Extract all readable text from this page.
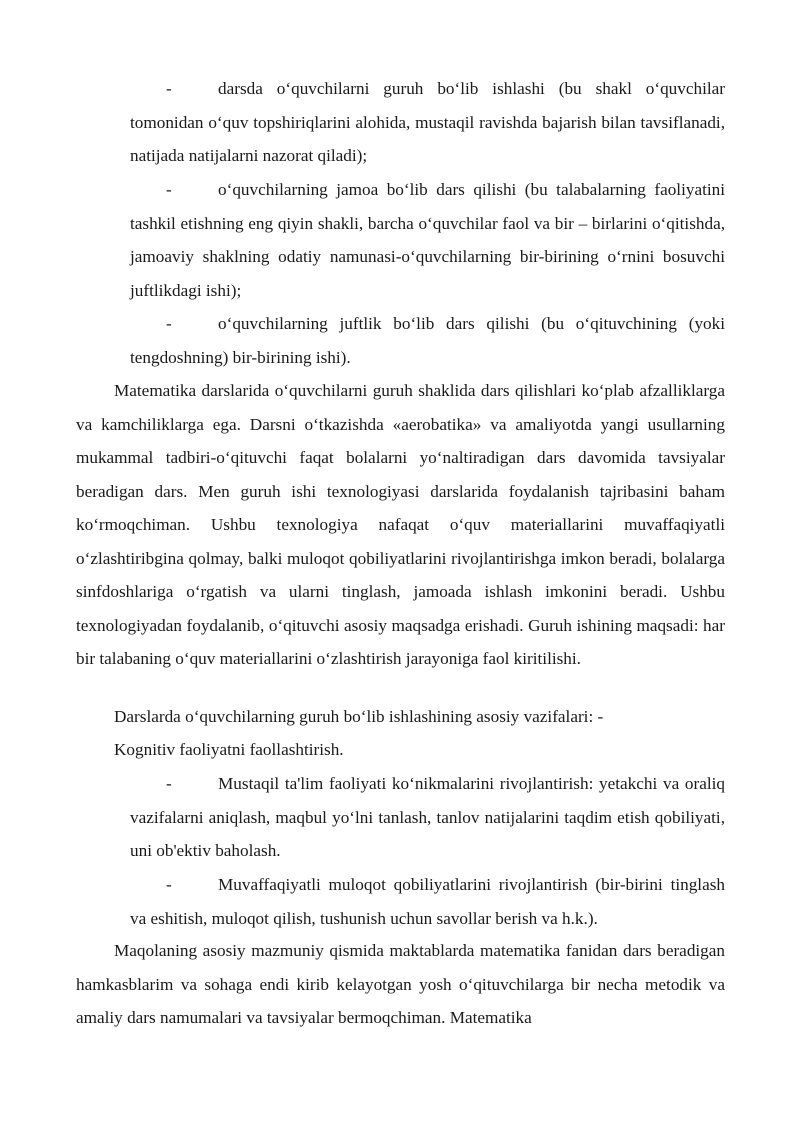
-	darsda o‘quvchilarni guruh bo‘lib ishlashi (bu shakl o‘quvchilar tomonidan o‘quv topshiriqlarini alohida, mustaqil ravishda bajarish bilan tavsiflanadi, natijada natijalarni nazorat qiladi);
-	o‘quvchilarning jamoa bo‘lib dars qilishi (bu talabalarning faoliyatini tashkil etishning eng qiyin shakli, barcha o‘quvchilar faol va bir – birlarini o‘qitishda, jamoaviy shaklning odatiy namunasi-o‘quvchilarning bir-birining o‘rnini bosuvchi juftlikdagi ishi);
-	o‘quvchilarning juftlik bo‘lib dars qilishi (bu o‘qituvchining (yoki tengdoshning) bir-birining ishi).
Matematika darslarida o‘quvchilarni guruh shaklida dars qilishlari ko‘plab afzalliklarga va kamchiliklarga ega. Darsni o‘tkazishda «aerobatika» va amaliyotda yangi usullarning mukammal tadbiri-o‘qituvchi faqat bolalarni yo‘naltiradigan dars davomida tavsiyalar beradigan dars. Men guruh ishi texnologiyasi darslarida foydalanish tajribasini baham ko‘rmoqchiman. Ushbu texnologiya nafaqat o‘quv materiallarini muvaffaqiyatli o‘zlashtiribgina qolmay, balki muloqot qobiliyatlarini rivojlantirishga imkon beradi, bolalarga sinfdoshlariga o‘rgatish va ularni tinglash, jamoada ishlash imkonini beradi. Ushbu texnologiyadan foydalanib, o‘qituvchi asosiy maqsadga erishadi. Guruh ishining maqsadi: har bir talabaning o‘quv materiallarini o‘zlashtirish jarayoniga faol kiritilishi.
Darslarda o‘quvchilarning guruh bo‘lib ishlashining asosiy vazifalari: -
Kognitiv faoliyatni faollashtirish.
-	Mustaqil ta'lim faoliyati ko‘nikmalarini rivojlantirish: yetakchi va oraliq vazifalarni aniqlash, maqbul yo‘lni tanlash, tanlov natijalarini taqdim etish qobiliyati, uni ob'ektiv baholash.
-	Muvaffaqiyatli muloqot qobiliyatlarini rivojlantirish (bir-birini tinglash va eshitish, muloqot qilish, tushunish uchun savollar berish va h.k.).
Maqolaning asosiy mazmuniy qismida maktablarda matematika fanidan dars beradigan hamkasblarim va sohaga endi kirib kelayotgan yosh o‘qituvchilarga bir necha metodik va amaliy dars namumalari va tavsiyalar bermoqchiman. Matematika
